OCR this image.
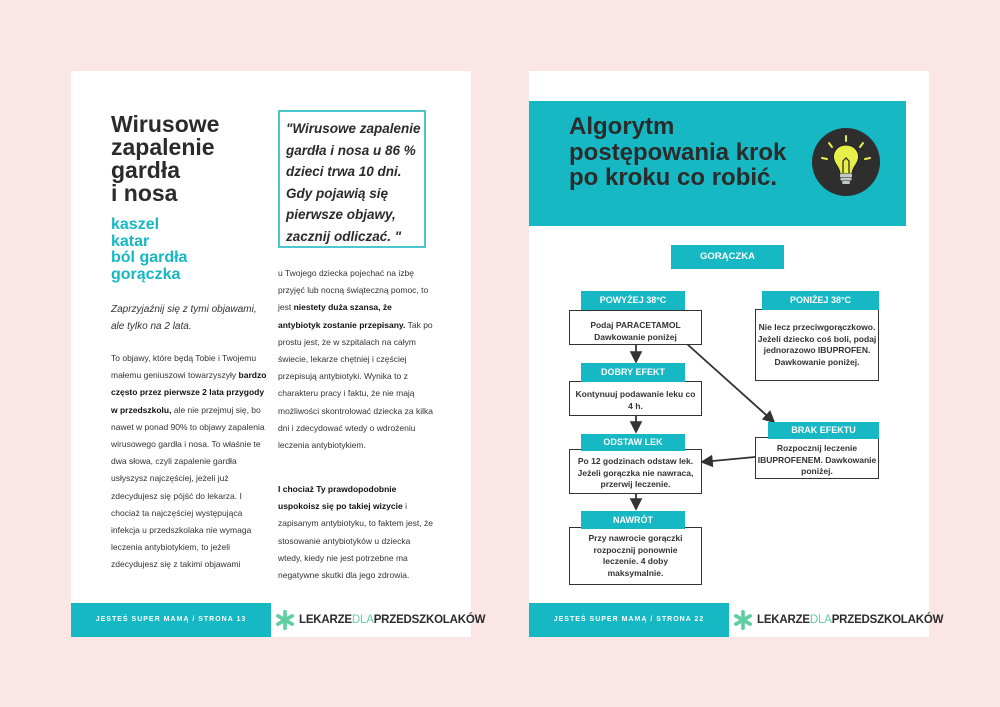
Wirusowe
zapalenie
gardła
i nosa
kaszel
katar
ból gardła
gorączka
"Wirusowe zapalenie gardła i nosa u 86 % dzieci trwa 10 dni. Gdy pojawią się pierwsze objawy, zacznij odliczać. "
Zaprzyjaźnij się z tymi objawami, ale tylko na 2 lata.
To objawy, które będą Tobie i Twojemu małemu geniuszowi towarzyszyły bardzo często przez pierwsze 2 lata przygody w przedszkolu, ale nie przejmuj się, bo nawet w ponad 90% to objawy zapalenia wirusowego gardła i nosa. To właśnie te dwa słowa, czyli zapalenie gardła usłyszysz najczęściej, jeżeli już zdecydujesz się pójść do lekarza. I chociaż ta najczęściej występująca infekcja u przedszkolaka nie wymaga leczenia antybiotykiem, to jeżeli zdecydujesz się z takimi objawami
u Twojego dziecka pojechać na izbę przyjęć lub nocną świąteczną pomoc, to jest niestety duża szansa, że antybiotyk zostanie przepisany. Tak po prostu jest, że w szpitalach na całym świecie, lekarze chętniej i częściej przepisują antybiotyki. Wynika to z charakteru pracy i faktu, że nie mają możliwości skontrolować dziecka za kilka dni i zdecydować wtedy o wdrożeniu leczenia antybiotykiem.
I chociaż Ty prawdopodobnie uspokoisz się po takiej wizycie i zapisanym antybiotyku, to faktem jest, że stosowanie antybiotyków u dziecka wtedy, kiedy nie jest potrzebne ma negatywne skutki dla jego zdrowia.
JESTEŚ SUPER MAMĄ / STRONA 13	LEKARZEDLAPRZEDSZKOLAKÓW
Algorytm postępowania krok po kroku co robić.
GORĄCZKA
Podaj PARACETAMOL Dawkowanie poniżej
POWYŻEJ 38°C
Nie lecz przeciwgorączkowo. Jeżeli dziecko coś boli, podaj jednorazowo IBUPROFEN. Dawkowanie poniżej.
PONIŻEJ 38°C
Kontynuuj podawanie leku co 4 h.
DOBRY EFEKT
Rozpocznij leczenie IBUPROFENEM. Dawkowanie poniżej.
BRAK EFEKTU
Po 12 godzinach odstaw lek. Jeżeli gorączka nie nawraca, przerwij leczenie.
ODSTAW LEK
Przy nawrocie gorączki rozpocznij ponownie leczenie. 4 doby maksymalnie.
NAWRÓT
JESTEŚ SUPER MAMĄ / STRONA 22	LEKARZEDLAPRZEDSZKOLAKÓW
